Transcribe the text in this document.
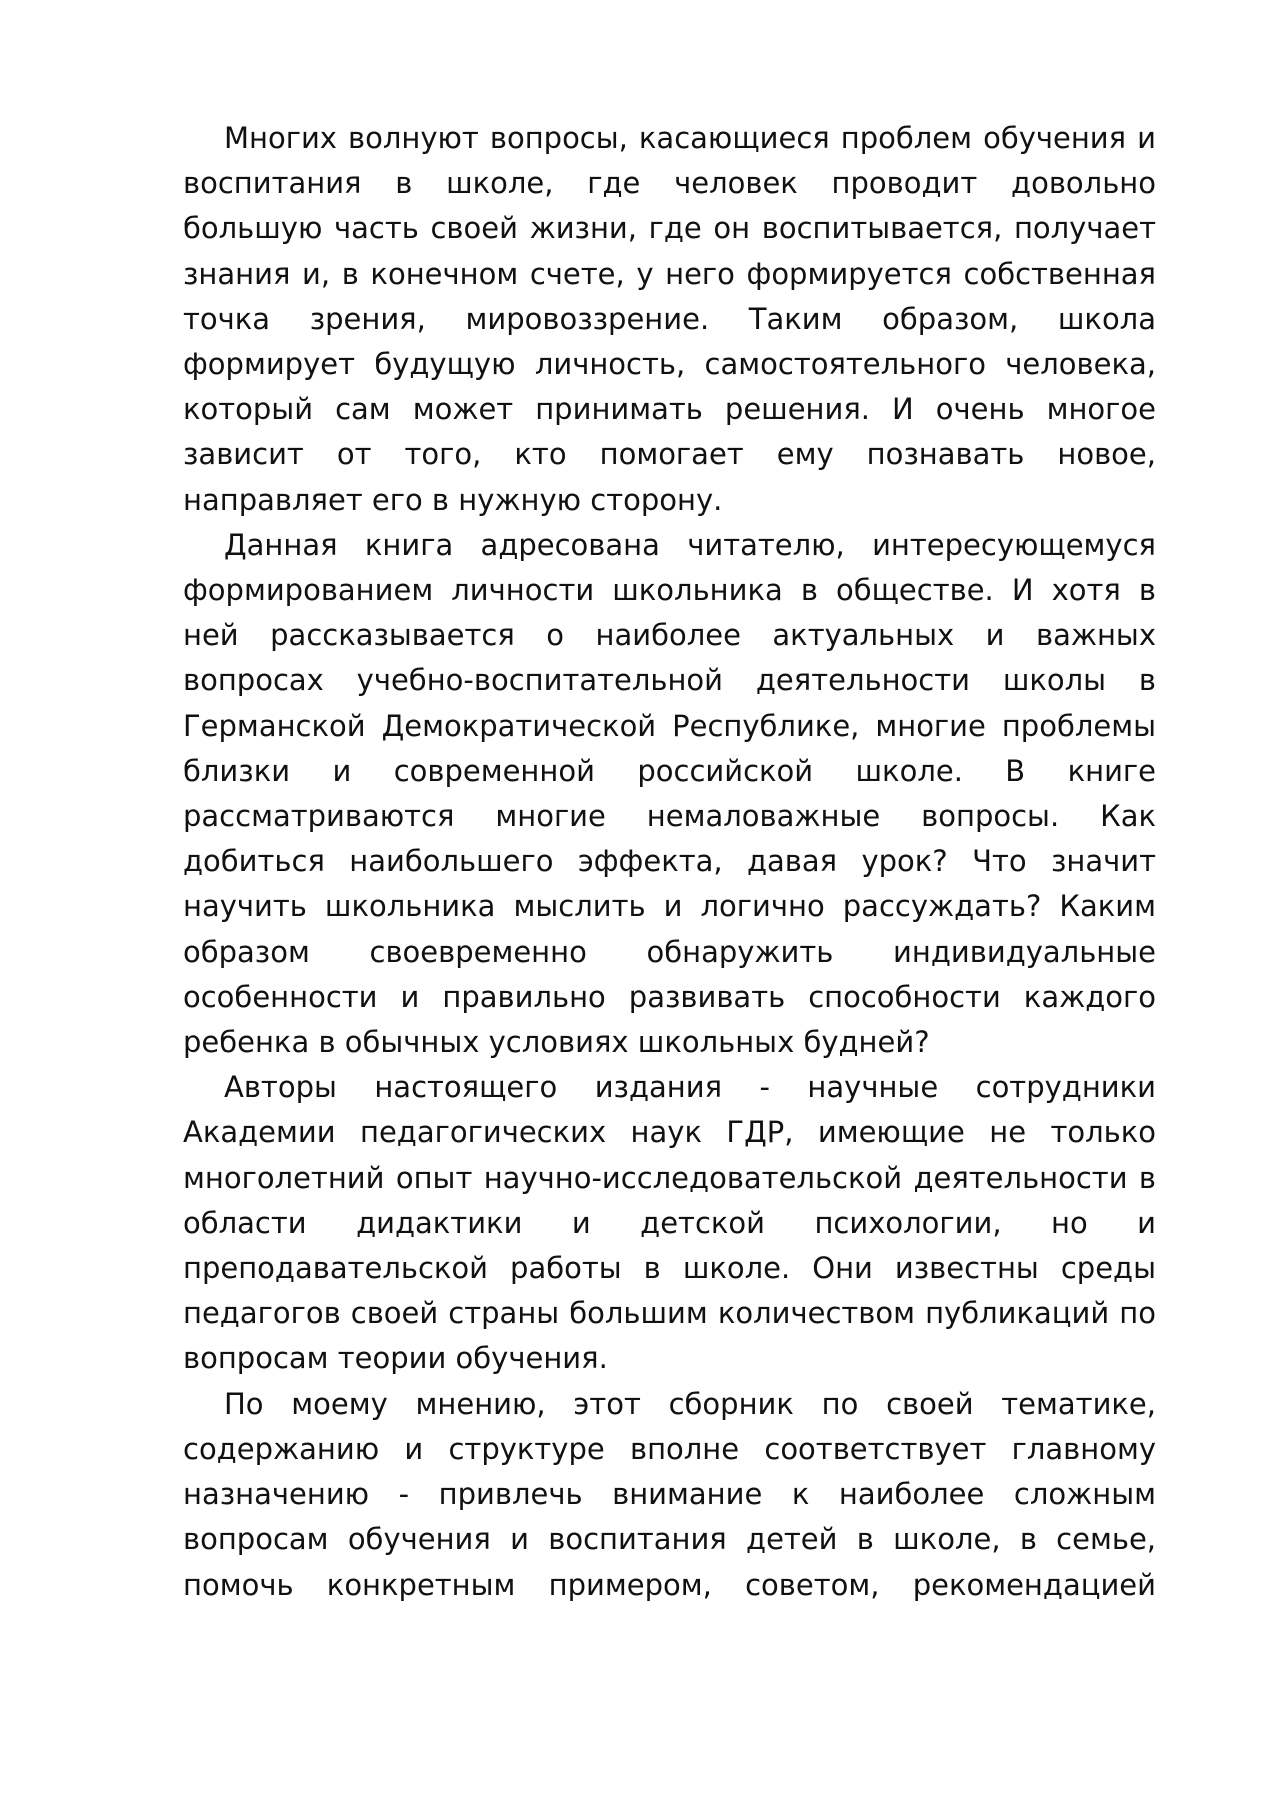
Многих волнуют вопросы, касающиеся проблем обучения и воспитания в школе, где человек проводит довольно большую часть своей жизни, где он воспитывается, получает знания и, в конечном счете, у него формируется собственная точка зрения, мировоззрение. Таким образом, школа формирует будущую личность, самостоятельного человека, который сам может принимать решения. И очень многое зависит от того, кто помогает ему познавать новое, направляет его в нужную сторону.

Данная книга адресована читателю, интересующемуся формированием личности школьника в обществе. И хотя в ней рассказывается о наиболее актуальных и важных вопросах учебно-воспитательной деятельности школы в Германской Демократической Республике, многие проблемы близки и современной российской школе. В книге рассматриваются многие немаловажные вопросы. Как добиться наибольшего эффекта, давая урок? Что значит научить школьника мыслить и логично рассуждать? Каким образом своевременно обнаружить индивидуальные особенности и правильно развивать способности каждого ребенка в обычных условиях школьных будней?

Авторы настоящего издания - научные сотрудники Академии педагогических наук ГДР, имеющие не только многолетний опыт научно-исследовательской деятельности в области дидактики и детской психологии, но и преподавательской работы в школе. Они известны среды педагогов своей страны большим количеством публикаций по вопросам теории обучения.

По моему мнению, этот сборник по своей тематике, содержанию и структуре вполне соответствует главному назначению - привлечь внимание к наиболее сложным вопросам обучения и воспитания детей в школе, в семье, помочь конкретным примером, советом, рекомендацией
